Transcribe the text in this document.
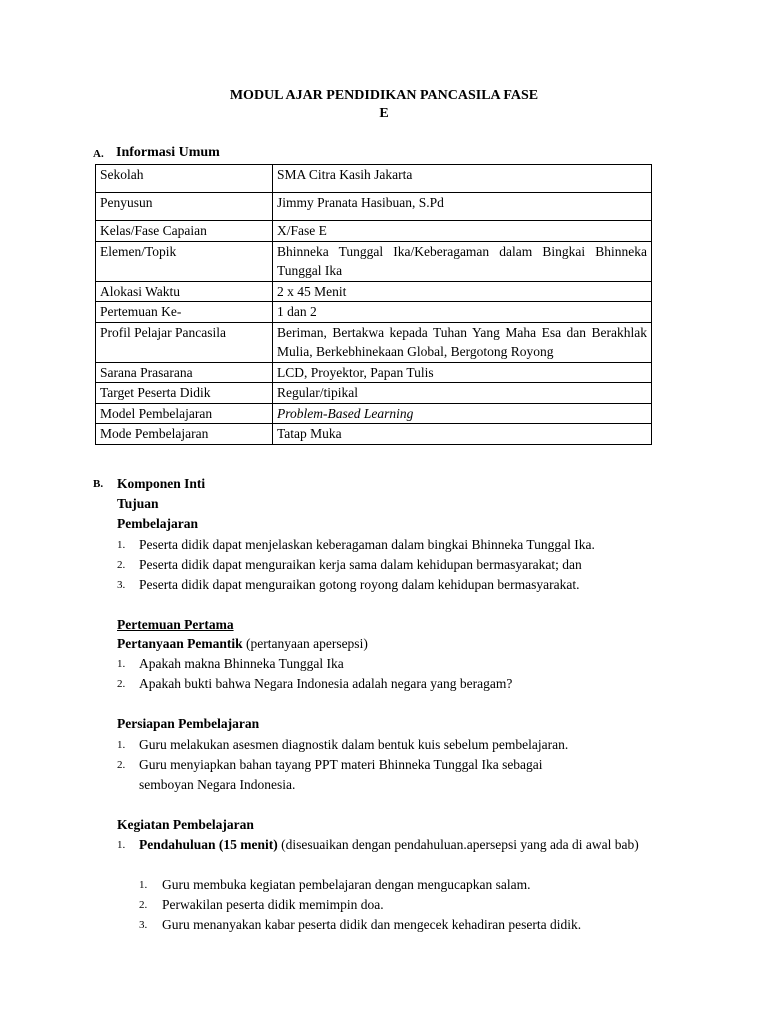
MODUL AJAR PENDIDIKAN PANCASILA FASE
E
A. Informasi Umum
Sekolah	SMA Citra Kasih Jakarta
Penyusun	Jimmy Pranata Hasibuan, S.Pd
Kelas/Fase Capaian	X/Fase E
Elemen/Topik	Bhinneka Tunggal Ika/Keberagaman dalam Bingkai Bhinneka Tunggal Ika
Alokasi Waktu	2 x 45 Menit
Pertemuan Ke-	1 dan 2
Profil Pelajar Pancasila	Beriman, Bertakwa kepada Tuhan Yang Maha Esa dan Berakhlak Mulia, Berkebhinekaan Global, Bergotong Royong
Sarana Prasarana	LCD, Proyektor, Papan Tulis
Target Peserta Didik	Regular/tipikal
Model Pembelajaran	Problem-Based Learning
Mode Pembelajaran	Tatap Muka
B. Komponen Inti
Tujuan
Pembelajaran
1. Peserta didik dapat menjelaskan keberagaman dalam bingkai Bhinneka Tunggal Ika.
2. Peserta didik dapat menguraikan kerja sama dalam kehidupan bermasyarakat; dan
3. Peserta didik dapat menguraikan gotong royong dalam kehidupan bermasyarakat.
Pertemuan Pertama
Pertanyaan Pemantik (pertanyaan apersepsi)
1. Apakah makna Bhinneka Tunggal Ika
2. Apakah bukti bahwa Negara Indonesia adalah negara yang beragam?
Persiapan Pembelajaran
1. Guru melakukan asesmen diagnostik dalam bentuk kuis sebelum pembelajaran.
2. Guru menyiapkan bahan tayang PPT materi Bhinneka Tunggal Ika sebagai semboyan Negara Indonesia.
Kegiatan Pembelajaran
1.	Pendahuluan (15 menit) (disesuaikan dengan pendahuluan.apersepsi yang ada di awal bab)
1. Guru membuka kegiatan pembelajaran dengan mengucapkan salam.
2. Perwakilan peserta didik memimpin doa.
3. Guru menanyakan kabar peserta didik dan mengecek kehadiran peserta didik.
